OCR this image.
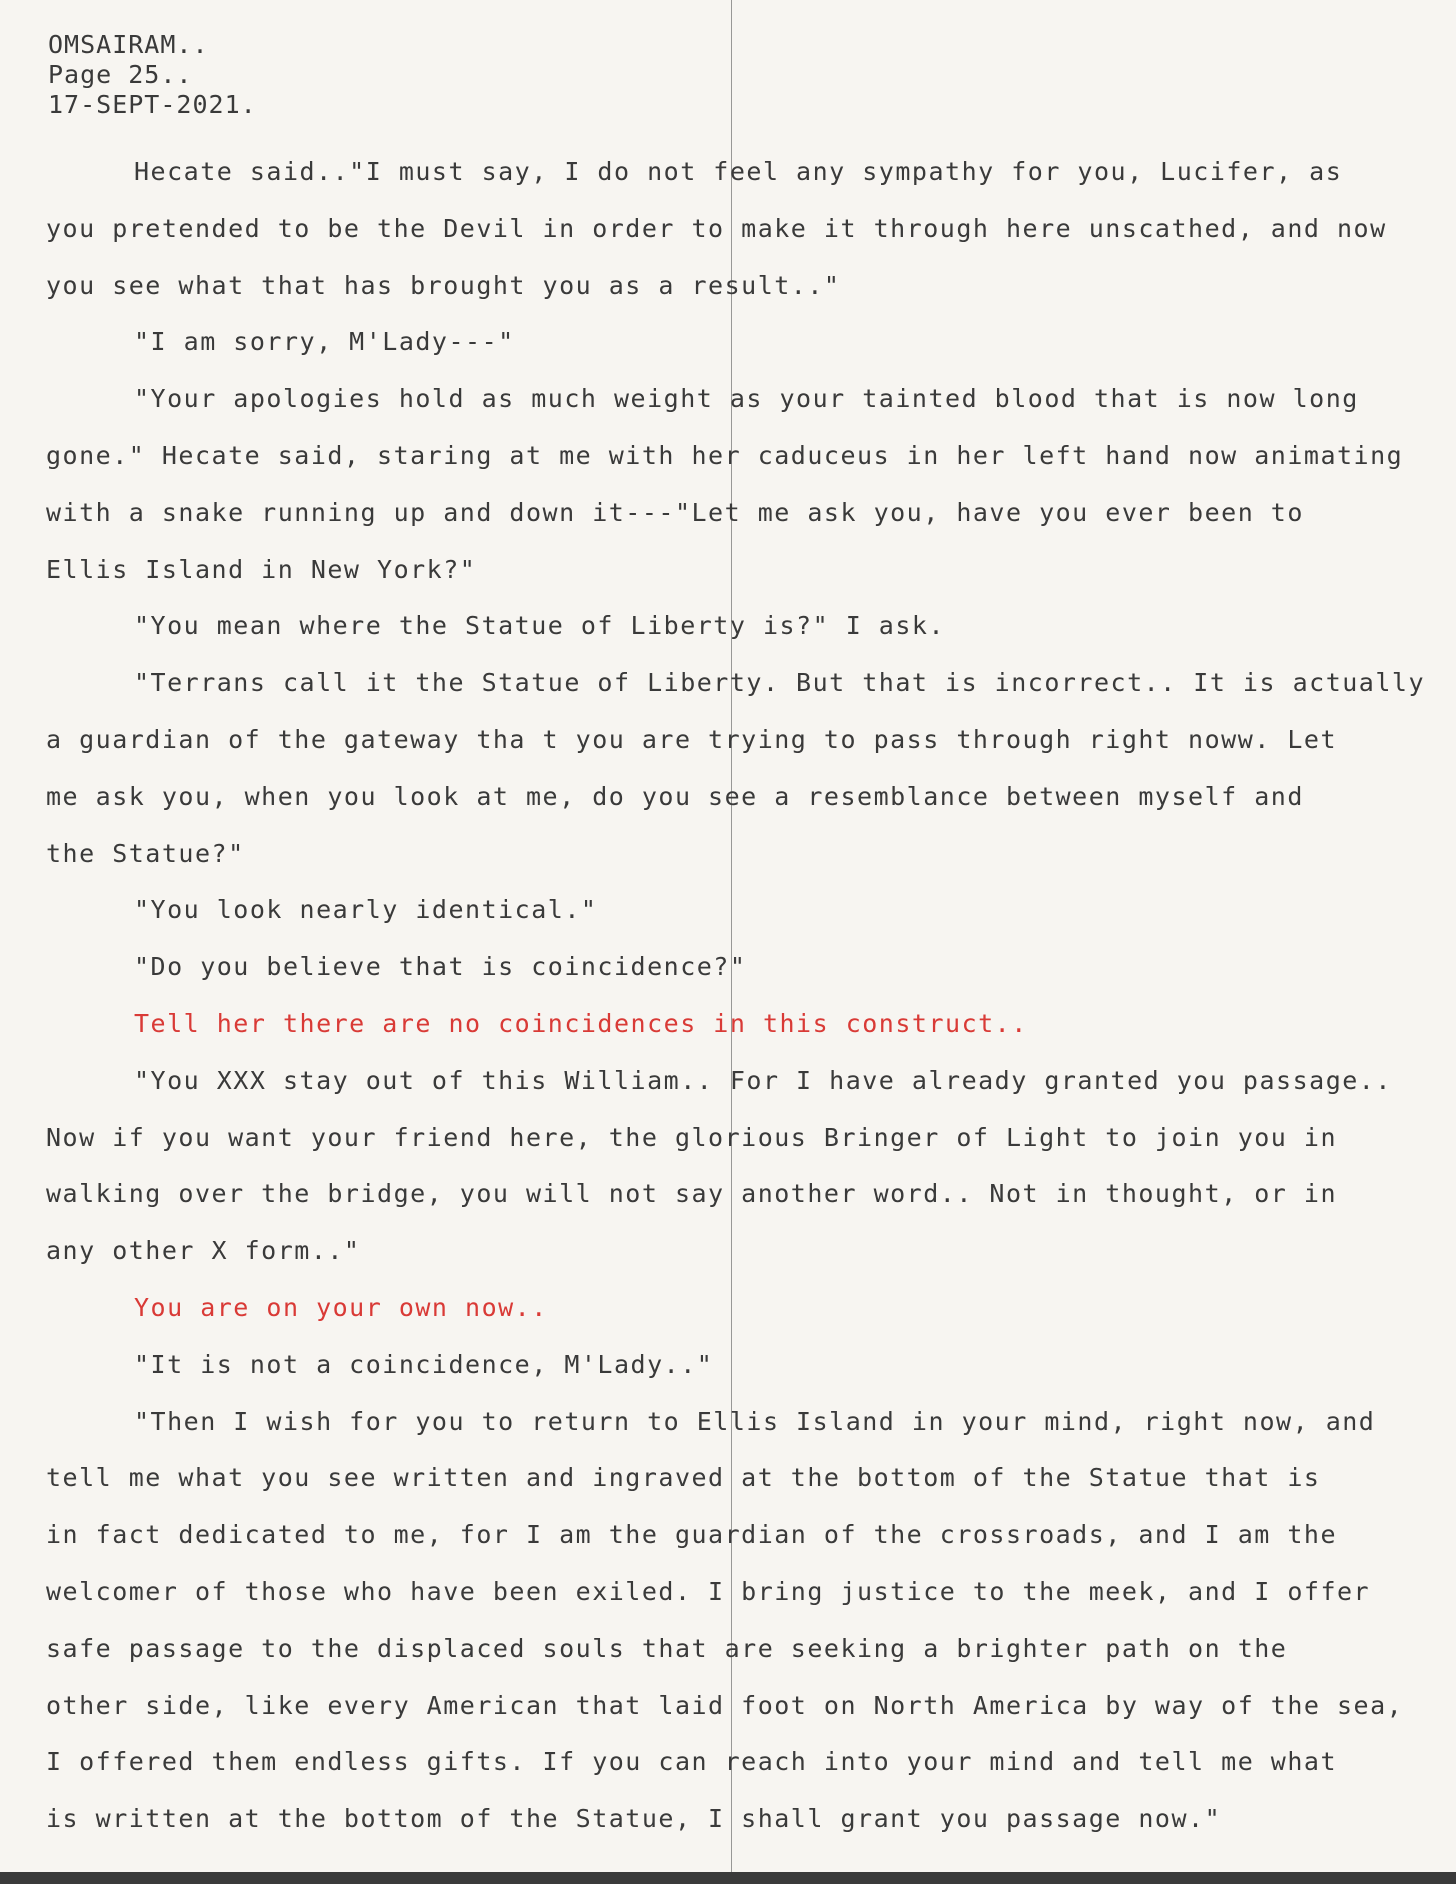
OMSAIRAM..
Page 25..
17-SEPT-2021.
Hecate said.."I must say, I do not feel any sympathy for you, Lucifer, as
you pretended to be the Devil in order to make it through here unscathed, and now
you see what that has brought you as a result.."
"I am sorry, M'Lady---"
"Your apologies hold as much weight as your tainted blood that is now long
gone." Hecate said, staring at me with her caduceus in her left hand now animating
with a snake running up and down it---"Let me ask you, have you ever been to
Ellis Island in New York?"
"You mean where the Statue of Liberty is?" I ask.
"Terrans call it the Statue of Liberty. But that is incorrect.. It is actually
a guardian of the gateway tha t you are trying to pass through right noww. Let
me ask you, when you look at me, do you see a resemblance between myself and
the Statue?"
"You look nearly identical."
"Do you believe that is coincidence?"
Tell her there are no coincidences in this construct..
"You XXX stay out of this William.. For I have already granted you passage..
Now if you want your friend here, the glorious Bringer of Light to join you in
walking over the bridge, you will not say another word.. Not in thought, or in
any other X form.."
You are on your own now..
"It is not a coincidence, M'Lady.."
"Then I wish for you to return to Ellis Island in your mind, right now, and
tell me what you see written and ingraved at the bottom of the Statue that is
in fact dedicated to me, for I am the guardian of the crossroads, and I am the
welcomer of those who have been exiled. I bring justice to the meek, and I offer
safe passage to the displaced souls that are seeking a brighter path on the
other side, like every American that laid foot on North America by way of the sea,
I offered them endless gifts. If you can reach into your mind and tell me what
is written at the bottom of the Statue, I shall grant you passage now."
